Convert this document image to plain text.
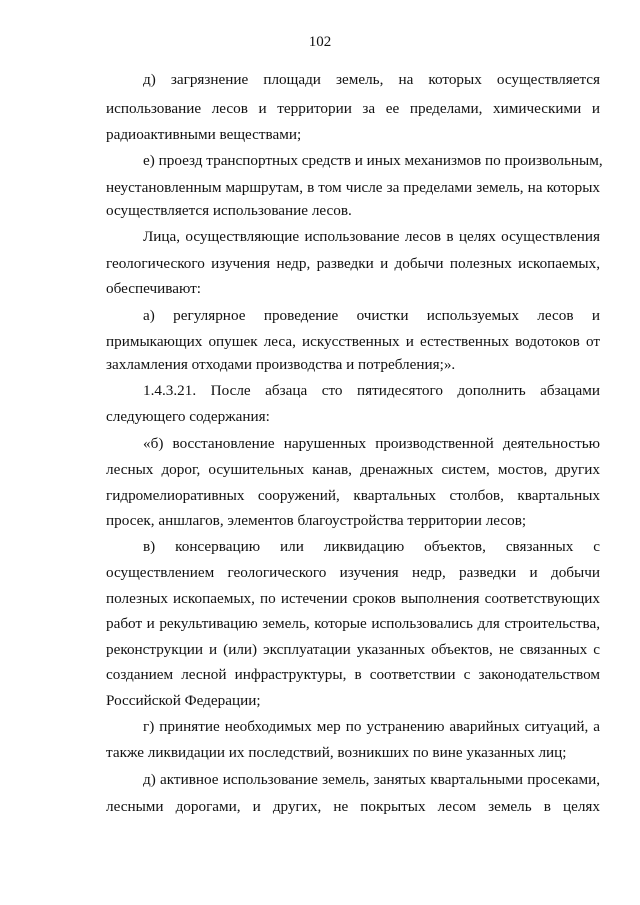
102
д) загрязнение площади земель, на которых осуществляется
использование лесов и территории за ее пределами, химическими и
радиоактивными веществами;
е) проезд транспортных средств и иных механизмов по произвольным,
неустановленным маршрутам, в том числе за пределами земель, на которых
осуществляется использование лесов.
Лица, осуществляющие использование лесов в целях осуществления
геологического изучения недр, разведки и добычи полезных ископаемых,
обеспечивают:
а) регулярное проведение очистки используемых лесов и
примыкающих опушек леса, искусственных и естественных водотоков от
захламления отходами производства и потребления;».
1.4.3.21. После абзаца сто пятидесятого дополнить абзацами
следующего содержания:
«б) восстановление нарушенных производственной деятельностью
лесных дорог, осушительных канав, дренажных систем, мостов, других
гидромелиоративных сооружений, квартальных столбов, квартальных
просек, аншлагов, элементов благоустройства территории лесов;
в) консервацию или ликвидацию объектов, связанных с
осуществлением геологического изучения недр, разведки и добычи
полезных ископаемых, по истечении сроков выполнения соответствующих
работ и рекультивацию земель, которые использовались для строительства,
реконструкции и (или) эксплуатации указанных объектов, не связанных с
созданием лесной инфраструктуры, в соответствии с законодательством
Российской Федерации;
г) принятие необходимых мер по устранению аварийных ситуаций, а
также ликвидации их последствий, возникших по вине указанных лиц;
д) активное использование земель, занятых квартальными просеками,
лесными дорогами, и других, не покрытых лесом земель в целях
